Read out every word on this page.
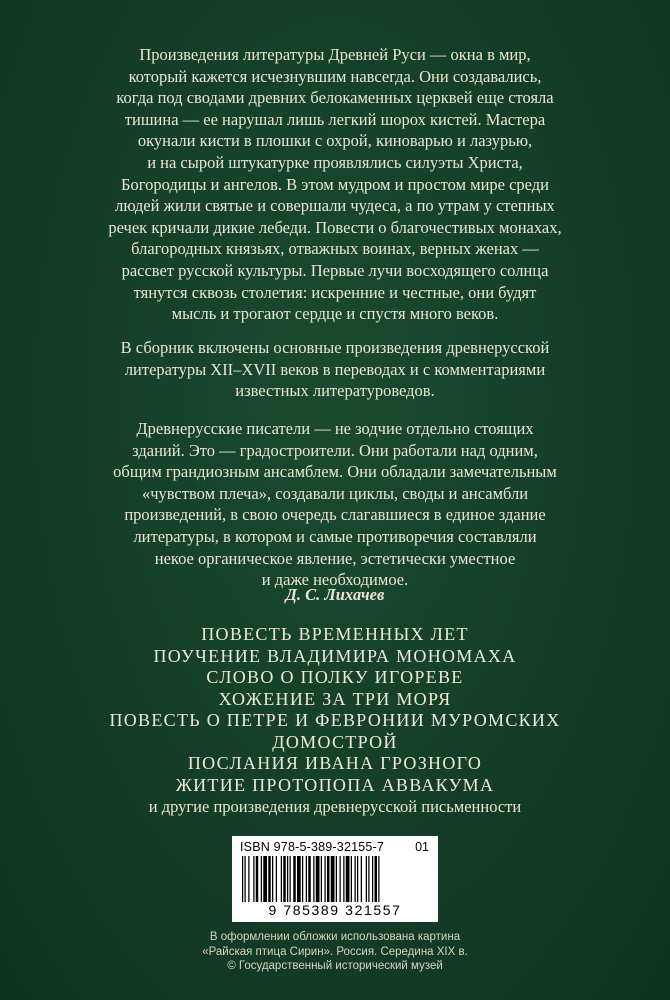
Произведения литературы Древней Руси — окна в мир,
который кажется исчезнувшим навсегда. Они создавались,
когда под сводами древних белокаменных церквей еще стояла
тишина — ее нарушал лишь легкий шорох кистей. Мастера
окунали кисти в плошки с охрой, киноварью и лазурью,
и на сырой штукатурке проявлялись силуэты Христа,
Богородицы и ангелов. В этом мудром и простом мире среди
людей жили святые и совершали чудеса, а по утрам у степных
речек кричали дикие лебеди. Повести о благочестивых монахах,
благородных князьях, отважных воинах, верных женах —
рассвет русской культуры. Первые лучи восходящего солнца
тянутся сквозь столетия: искренние и честные, они будят
мысль и трогают сердце и спустя много веков.
В сборник включены основные произведения древнерусской
литературы XII–XVII веков в переводах и с комментариями
известных литературоведов.
Древнерусские писатели — не зодчие отдельно стоящих
зданий. Это — градостроители. Они работали над одним,
общим грандиозным ансамблем. Они обладали замечательным
«чувством плеча», создавали циклы, своды и ансамбли
произведений, в свою очередь слагавшиеся в единое здание
литературы, в котором и самые противоречия составляли
некое органическое явление, эстетически уместное
и даже необходимое.
Д. С. Лихачев
ПОВЕСТЬ ВРЕМЕННЫХ ЛЕТ
ПОУЧЕНИЕ ВЛАДИМИРА МОНОМАХА
СЛОВО О ПОЛКУ ИГОРЕВЕ
ХОЖЕНИЕ ЗА ТРИ МОРЯ
ПОВЕСТЬ О ПЕТРЕ И ФЕВРОНИИ МУРОМСКИХ
ДОМОСТРОЙ
ПОСЛАНИЯ ИВАНА ГРОЗНОГО
ЖИТИЕ ПРОТОПОПА АВВАКУМА
и другие произведения древнерусской письменности
ISBN 978-5-389-32155-7 01
9 785389 321557
В оформлении обложки использована картина
«Райская птица Сирин». Россия. Середина XIX в.
© Государственный исторический музей
